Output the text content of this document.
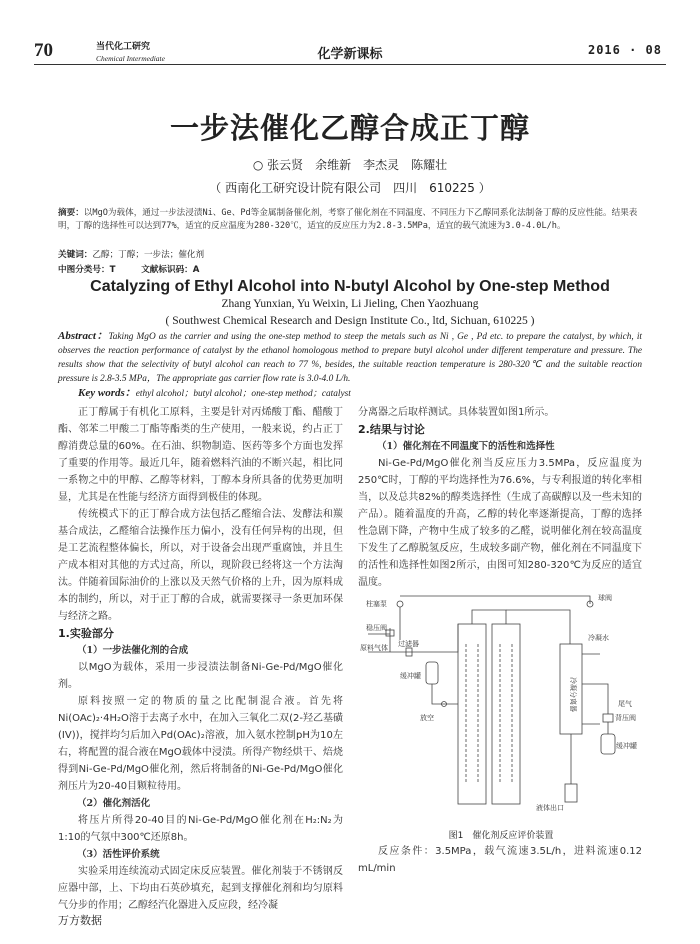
70	当代化工研究
Chemical Intermediate	化学新课标	2016 · 08
一步法催化乙醇合成正丁醇
○ 张云贤　余维新　李杰灵　陈耀壮
（ 西南化工研究设计院有限公司　四川　610225 ）
摘要：以MgO为载体，通过一步法浸渍Ni、Ge、Pd等金属制备催化剂，考察了催化剂在不同温度、不同压力下乙醇同系化法制备丁醇的反应性能。结果表明，丁醇的选择性可以达到77%，适宜的反应温度为280-320℃，适宜的反应压力为2.8-3.5MPa，适宜的载气流速为3.0-4.0L/h。
关键词：乙醇；丁醇；一步法；催化剂
中图分类号：T　　　文献标识码：A
Catalyzing of Ethyl Alcohol into N-butyl Alcohol by One-step Method
Zhang Yunxian, Yu Weixin, Li Jieling, Chen Yaozhuang
( Southwest Chemical Research and Design Institute Co., ltd, Sichuan, 610225 )
Abstract：Taking MgO as the carrier and using the one-step method to steep the metals such as Ni , Ge , Pd etc. to prepare the catalyst, by which, it observes the reaction performance of catalyst by the ethanol homologous method to prepare butyl alcohol under different temperature and pressure. The results show that the selectivity of butyl alcohol can reach to 77 %, besides, the suitable reaction temperature is 280-320℃ and the suitable reaction pressure is 2.8-3.5 MPa，The appropriate gas carrier flow rate is 3.0-4.0 L/h.
Key words：ethyl alcohol；butyl alcohol；one-step method；catalyst

正丁醇属于有机化工原料，主要是针对丙烯酸丁酯、醋酸丁酯、邻苯二甲酸二丁酯等酯类的生产使用，一般来说，约占正丁醇消费总量的60%。在石油、织物制造、医药等多个方面也发挥了重要的作用等。最近几年，随着燃料汽油的不断兴起，相比同一系物之中的甲醇、乙醇等材料，丁醇本身所具备的优势更加明显，尤其是在性能与经济方面得到极佳的体现。

传统模式下的正丁醇合成方法包括乙醛缩合法、发酵法和羰基合成法，乙醛缩合法操作压力偏小，没有任何异构的出现，但是工艺流程整体偏长，所以，对于设备会出现严重腐蚀，并且生产成本相对其他的方式过高，所以，现阶段已经将这一个方法淘汰。伴随着国际油价的上涨以及天然气价格的上升，因为原料成本的制约，所以，对于正丁醇的合成，就需要探寻一条更加环保与经济之路。

1.实验部分

（1）一步法催化剂的合成

以MgO为载体，采用一步浸渍法制备Ni-Ge-Pd/MgO催化剂。

原料按照一定的物质的量之比配制混合液。首先将Ni(OAc)₂·4H₂O溶于去离子水中，在加入三氧化二双(2-羟乙基磺(IV))，搅拌均匀后加入Pd(OAc)₂溶液，加入氨水控制pH为10左右，将配置的混合液在MgO载体中浸渍。所得产物经烘干、焙烧得到Ni-Ge-Pd/MgO催化剂，然后将制备的Ni-Ge-Pd/MgO催化剂压片为20-40目颗粒待用。

（2）催化剂活化

将压片所得20-40目的Ni-Ge-Pd/MgO催化剂在H₂:N₂为1:10的气氛中300℃还原8h。

（3）活性评价系统

实验采用连续流动式固定床反应装置。催化剂装于不锈钢反应器中部，上、下均由石英砂填充，起到支撑催化剂和均匀原料气分步的作用；乙醇经汽化器进入反应段，经冷凝

分离器之后取样测试。具体装置如图1所示。

2.结果与讨论

（1）催化剂在不同温度下的活性和选择性

Ni-Ge-Pd/MgO催化剂当反应压力3.5MPa，反应温度为250℃时，丁醇的平均选择性为76.6%，与专利报道的转化率相当，以及总共82%的醇类选择性（生成了高碳醇以及一些未知的产品）。随着温度的升高，乙醇的转化率逐渐提高，丁醇的选择性急剧下降，产物中生成了较多的乙醛，说明催化剂在较高温度下发生了乙醇脱氢反应，生成较多副产物，催化剂在不同温度下的活性和选择性如图2所示，由图可知280-320℃为反应的适宜温度。

柱塞泵
球阀
稳压阀
原料气体 过滤器
冷凝水
缓冲罐
放空
尾气
背压阀
缓冲罐
液体出口
冷凝分离器
图1　催化剂反应评价装置

反应条件：3.5MPa，载气流速3.5L/h，进料流速0.12 mL/min

万方数据
